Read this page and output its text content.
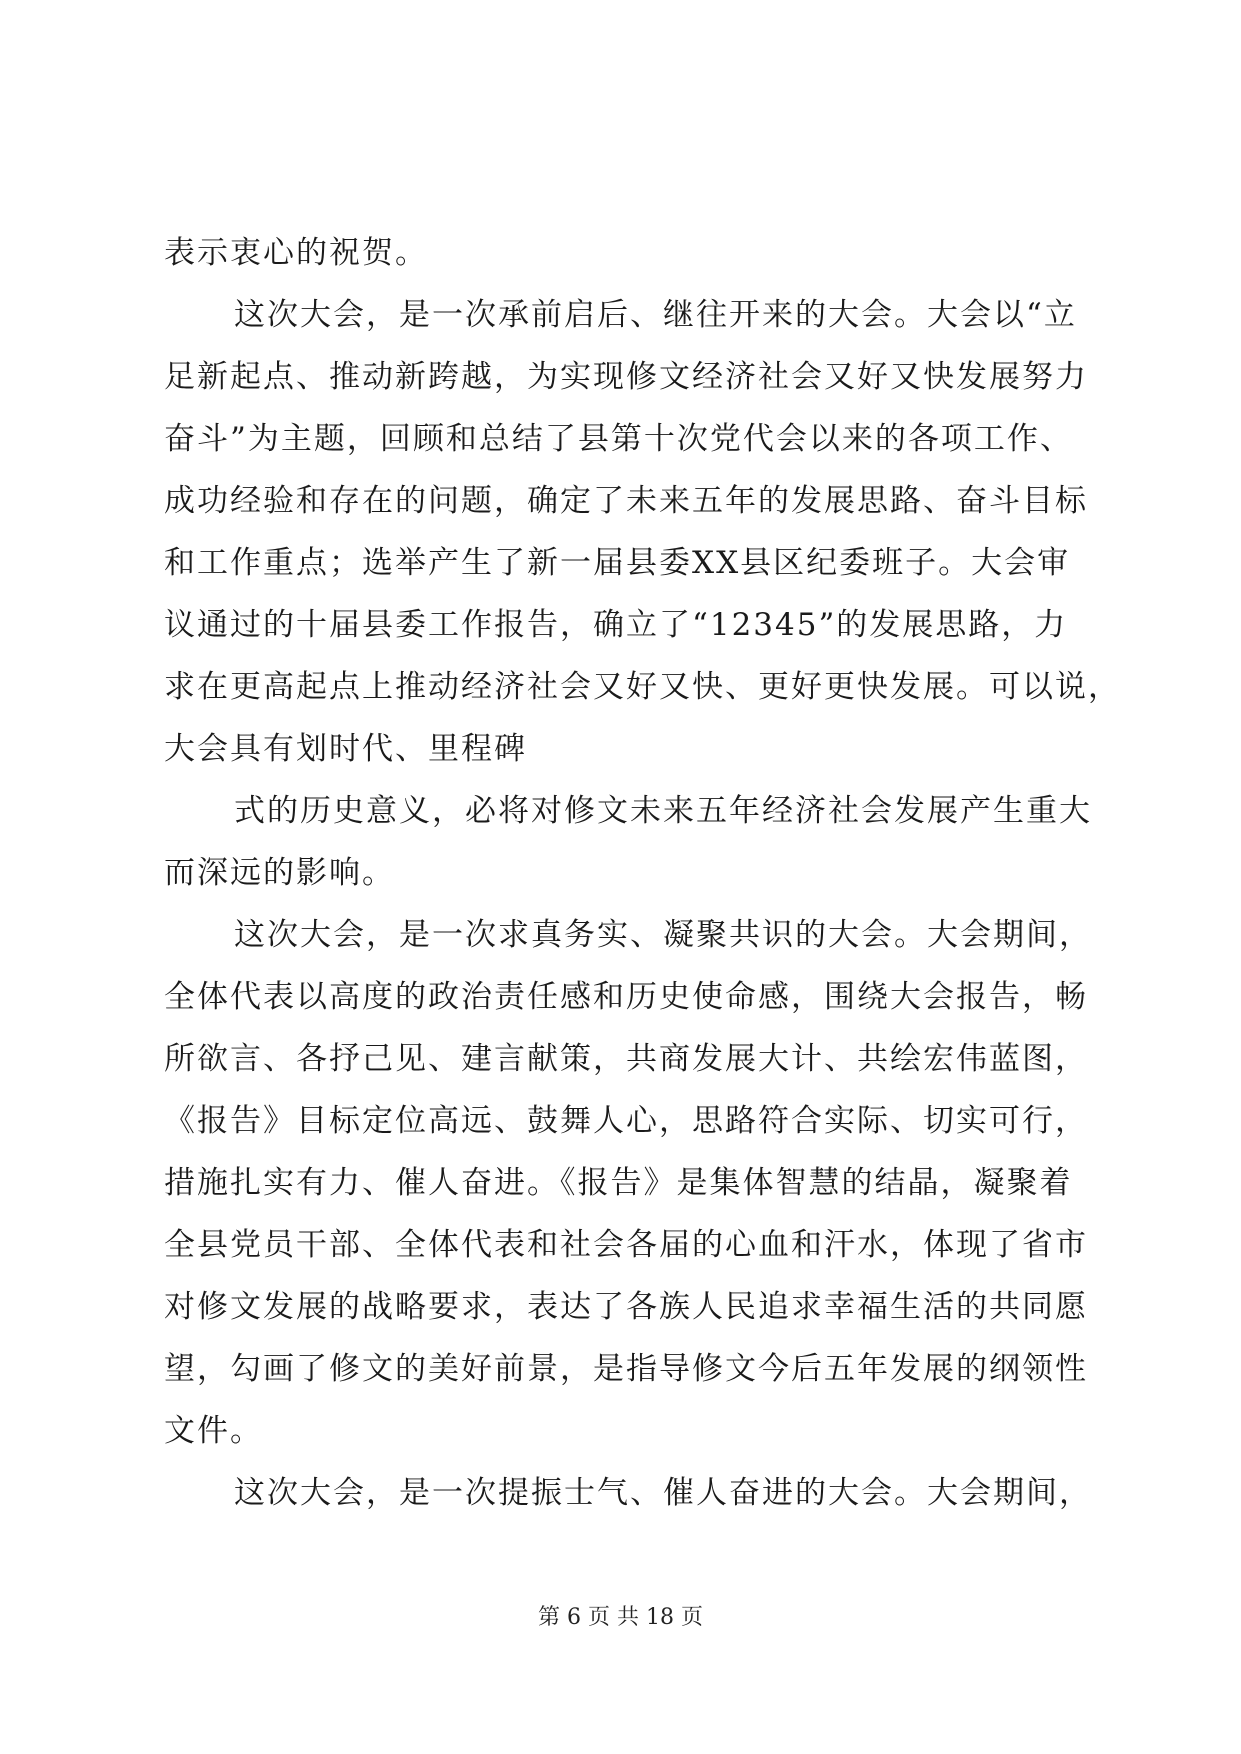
表示衷心的祝贺。
这次大会，是一次承前启后、继往开来的大会。大会以“立
足新起点、推动新跨越，为实现修文经济社会又好又快发展努力
奋斗”为主题，回顾和总结了县第十次党代会以来的各项工作、
成功经验和存在的问题，确定了未来五年的发展思路、奋斗目标
和工作重点；选举产生了新一届县委XX县区纪委班子。大会审
议通过的十届县委工作报告，确立了“12345”的发展思路，力
求在更高起点上推动经济社会又好又快、更好更快发展。可以说，
大会具有划时代、里程碑
式的历史意义，必将对修文未来五年经济社会发展产生重大
而深远的影响。
这次大会，是一次求真务实、凝聚共识的大会。大会期间，
全体代表以高度的政治责任感和历史使命感，围绕大会报告，畅
所欲言、各抒己见、建言献策，共商发展大计、共绘宏伟蓝图，
《报告》目标定位高远、鼓舞人心，思路符合实际、切实可行，
措施扎实有力、催人奋进。《报告》是集体智慧的结晶，凝聚着
全县党员干部、全体代表和社会各届的心血和汗水，体现了省市
对修文发展的战略要求，表达了各族人民追求幸福生活的共同愿
望，勾画了修文的美好前景，是指导修文今后五年发展的纲领性
文件。
这次大会，是一次提振士气、催人奋进的大会。大会期间，
第 6 页 共 18 页
